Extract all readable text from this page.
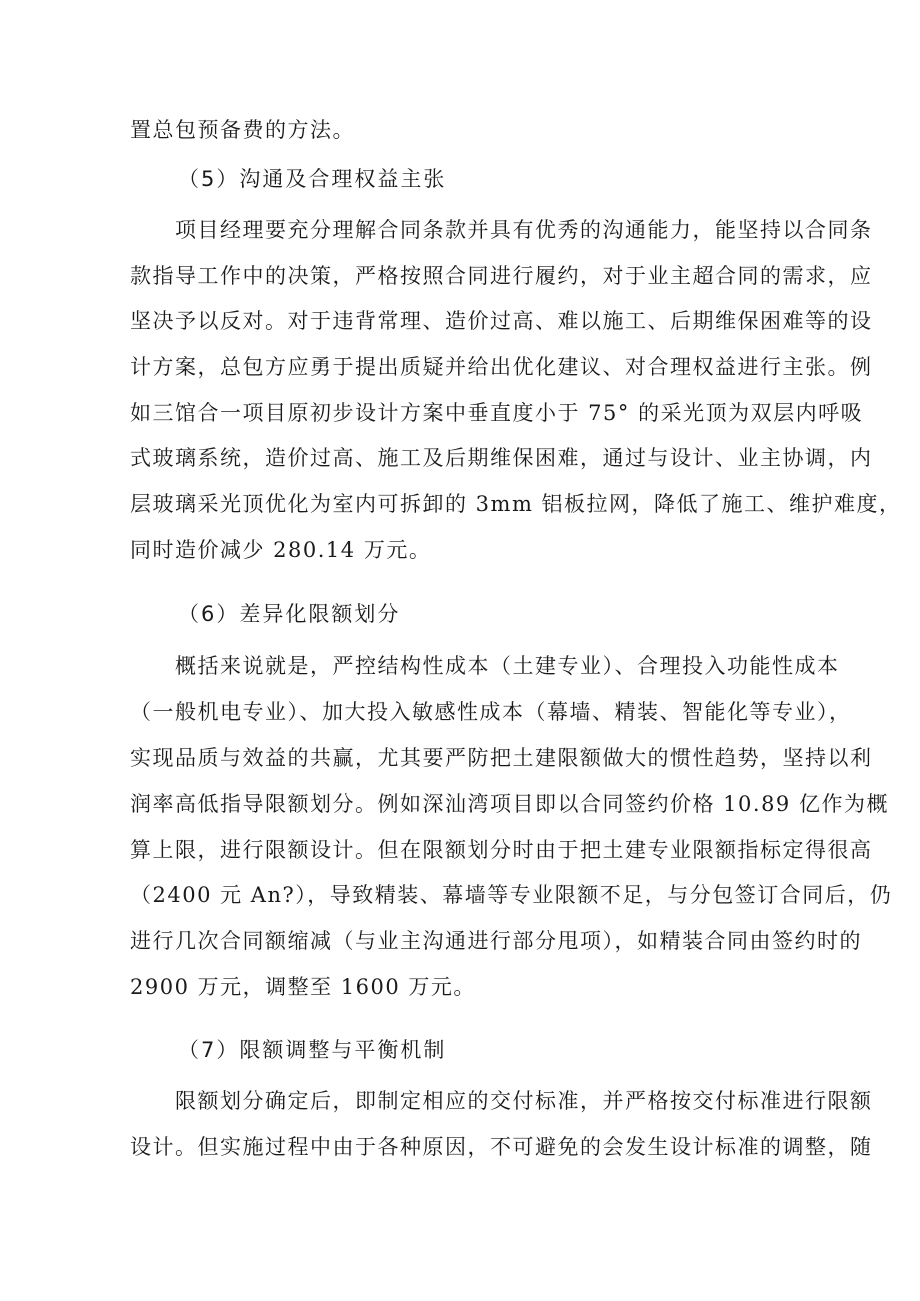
置总包预备费的方法。
（5）沟通及合理权益主张
项目经理要充分理解合同条款并具有优秀的沟通能力，能坚持以合同条
款指导工作中的决策，严格按照合同进行履约，对于业主超合同的需求，应
坚决予以反对。对于违背常理、造价过高、难以施工、后期维保困难等的设
计方案，总包方应勇于提出质疑并给出优化建议、对合理权益进行主张。例
如三馆合一项目原初步设计方案中垂直度小于 75° 的采光顶为双层内呼吸
式玻璃系统，造价过高、施工及后期维保困难，通过与设计、业主协调，内
层玻璃采光顶优化为室内可拆卸的 3mm 铝板拉网，降低了施工、维护难度，
同时造价减少 280.14 万元。
（6）差异化限额划分
概括来说就是，严控结构性成本（土建专业）、合理投入功能性成本
（一般机电专业）、加大投入敏感性成本（幕墙、精装、智能化等专业），
实现品质与效益的共赢，尤其要严防把土建限额做大的惯性趋势，坚持以利
润率高低指导限额划分。例如深汕湾项目即以合同签约价格 10.89 亿作为概
算上限，进行限额设计。但在限额划分时由于把土建专业限额指标定得很高
（2400 元 An?），导致精装、幕墙等专业限额不足，与分包签订合同后，仍
进行几次合同额缩减（与业主沟通进行部分甩项），如精装合同由签约时的
2900 万元，调整至 1600 万元。
（7）限额调整与平衡机制
限额划分确定后，即制定相应的交付标准，并严格按交付标准进行限额
设计。但实施过程中由于各种原因，不可避免的会发生设计标准的调整，随
